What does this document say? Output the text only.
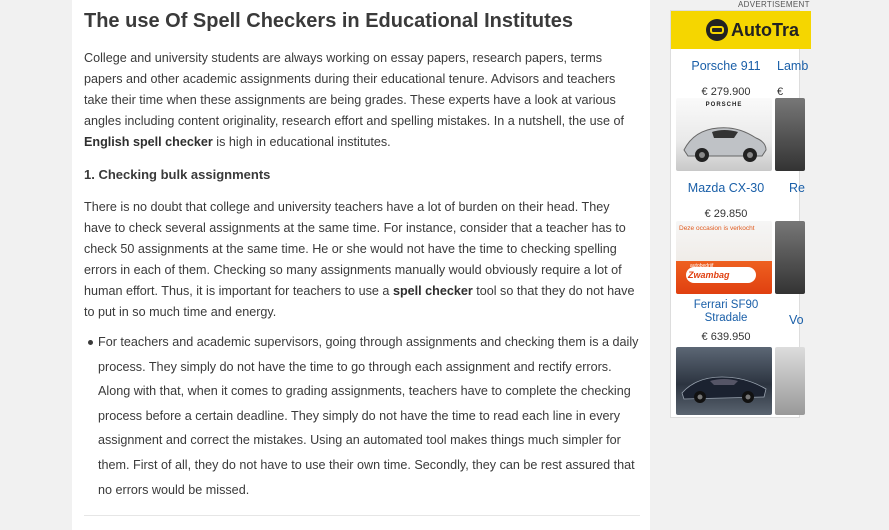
The use Of Spell Checkers in Educational Institutes

College and university students are always working on essay papers, research papers, terms papers and other academic assignments during their educational tenure. Advisors and teachers take their time when these assignments are being grades. These experts have a look at various angles including content originality, research effort and spelling mistakes. In a nutshell, the use of English spell checker is high in educational institutes.

1. Checking bulk assignments

There is no doubt that college and university teachers have a lot of burden on their head. They have to check several assignments at the same time. For instance, consider that a teacher has to check 50 assignments at the same time. He or she would not have the time to checking spelling errors in each of them. Checking so many assignments manually would obviously require a lot of human effort. Thus, it is important for teachers to use a spell checker tool so that they do not have to put in so much time and energy.

For teachers and academic supervisors, going through assignments and checking them is a daily process. They simply do not have the time to go through each assignment and rectify errors. Along with that, when it comes to grading assignments, teachers have to complete the checking process before a certain deadline. They simply do not have the time to read each line in every assignment and correct the mistakes. Using an automated tool makes things much simpler for them. First of all, they do not have to use their own time. Secondly, they can be rest assured that no errors would be missed.
ADVERTISEMENT
AutoTra
Porsche 911
€ 279.900
PORSCHE
Lamb
€
Mazda CX-30
€ 29.850
Deze occasion is verkocht
autobedrijf
Zwambag
Re
Ferrari SF90 Stradale
€ 639.950
Vo
